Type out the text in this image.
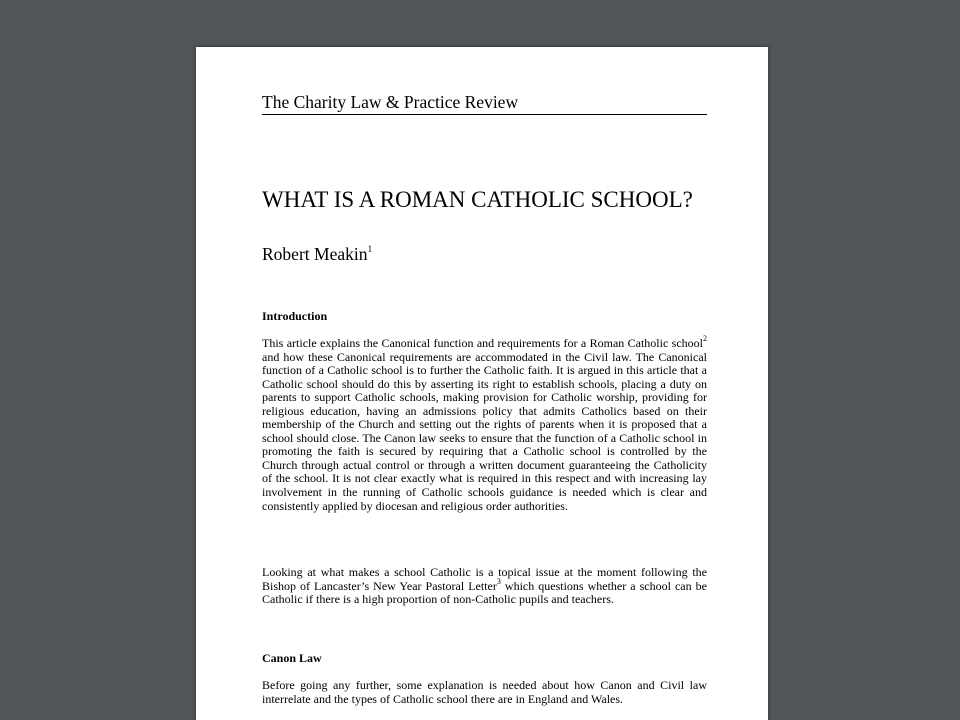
The Charity Law & Practice Review
WHAT IS A ROMAN CATHOLIC SCHOOL?
Robert Meakin$^1$
Introduction

This article explains the Canonical function and requirements for a Roman Catholic school$^2$ and how these Canonical requirements are accommodated in the Civil law. The Canonical function of a Catholic school is to further the Catholic faith. It is argued in this article that a Catholic school should do this by asserting its right to establish schools, placing a duty on parents to support Catholic schools, making provision for Catholic worship, providing for religious education, having an admissions policy that admits Catholics based on their membership of the Church and setting out the rights of parents when it is proposed that a school should close. The Canon law seeks to ensure that the function of a Catholic school in promoting the faith is secured by requiring that a Catholic school is controlled by the Church through actual control or through a written document guaranteeing the Catholicity of the school. It is not clear exactly what is required in this respect and with increasing lay involvement in the running of Catholic schools guidance is needed which is clear and consistently applied by diocesan and religious order authorities.

Looking at what makes a school Catholic is a topical issue at the moment following the Bishop of Lancaster’s New Year Pastoral Letter$^3$ which questions whether a school can be Catholic if there is a high proportion of non-Catholic pupils and teachers.

Canon Law

Before going any further, some explanation is needed about how Canon and Civil law interrelate and the types of Catholic school there are in England and Wales.
